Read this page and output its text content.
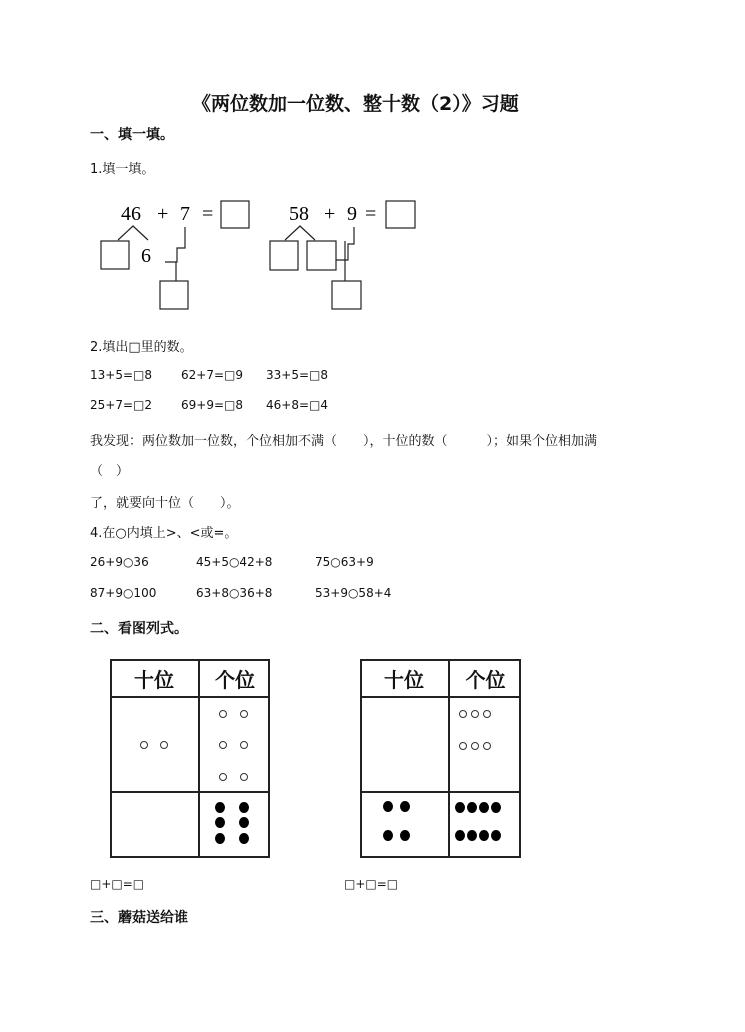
《两位数加一位数、整十数（2）》习题
一、填一填。
1.填一填。
46 + 7 =
6
58 + 9 =
2.填出□里的数。
13+5=□8 62+7=□9 33+5=□8
25+7=□2 69+9=□8 46+8=□4
我发现：两位数加一位数，个位相加不满（　　），十位的数（　　　）；如果个位相加满
（　）
了，就要向十位（　　）。
4.在○内填上>、<或=。
26+9○36	45+5○42+8	75○63+9
87+9○100	63+8○36+8	53+9○58+4
二、看图列式。
十位	个位	十位	个位
□+□=□	□+□=□
三、蘑菇送给谁
